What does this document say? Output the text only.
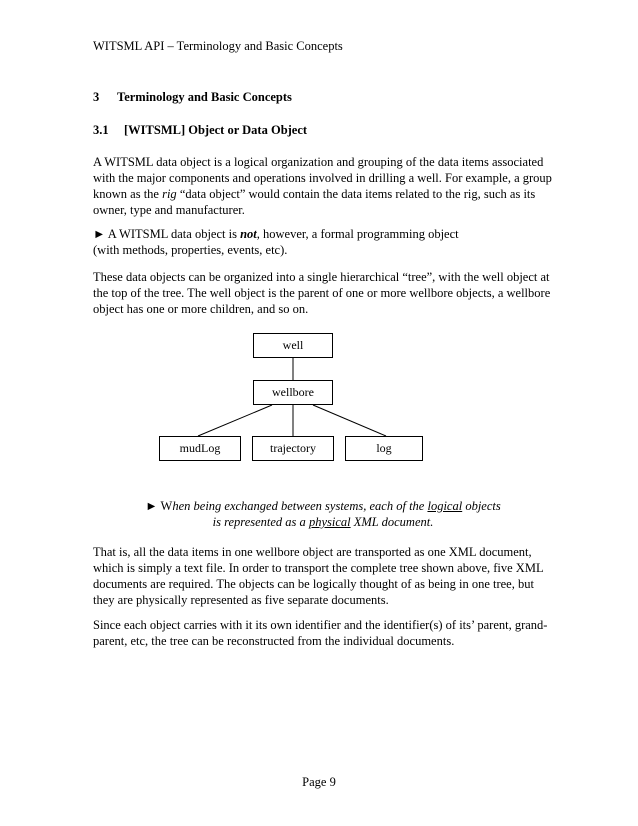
WITSML API – Terminology and Basic Concepts
3 Terminology and Basic Concepts
3.1 [WITSML] Object or Data Object

A WITSML data object is a logical organization and grouping of the data items associated with the major components and operations involved in drilling a well. For example, a group known as the rig “data object” would contain the data items related to the rig, such as its owner, type and manufacturer.

► A WITSML data object is not, however, a formal programming object
(with methods, properties, events, etc).

These data objects can be organized into a single hierarchical “tree”, with the well object at the top of the tree. The well object is the parent of one or more wellbore objects, a wellbore object has one or more children, and so on.

well
wellbore
mudLog	trajectory	log
► When being exchanged between systems, each of the logical objects
is represented as a physical XML document.

That is, all the data items in one wellbore object are transported as one XML document, which is simply a text file. In order to transport the complete tree shown above, five XML documents are required. The objects can be logically thought of as being in one tree, but they are physically represented as five separate documents.

Since each object carries with it its own identifier and the identifier(s) of its’ parent, grand-parent, etc, the tree can be reconstructed from the individual documents.

Page 9
